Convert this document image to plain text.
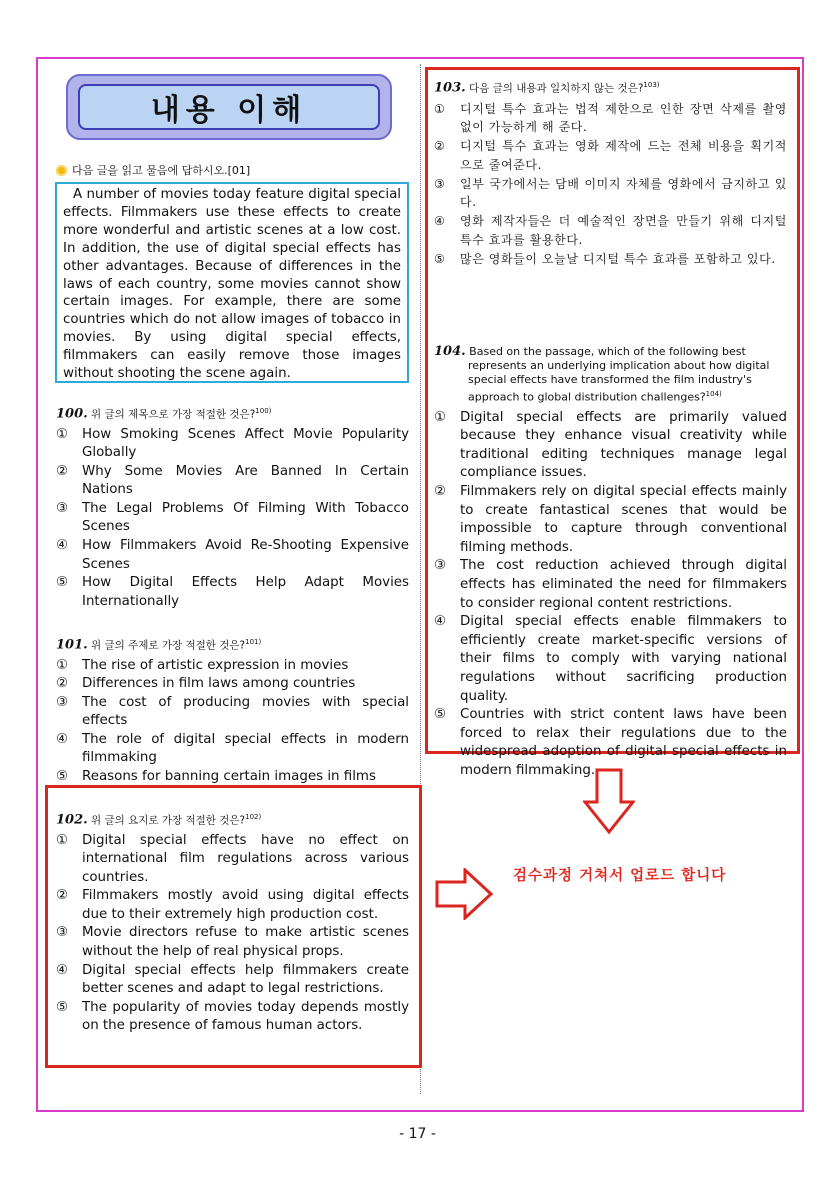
내용 이해
다음 글을 읽고 물음에 답하시오.[01]
A number of movies today feature digital special effects. Filmmakers use these effects to create more wonderful and artistic scenes at a low cost. In addition, the use of digital special effects has other advantages. Because of differences in the laws of each country, some movies cannot show certain images. For example, there are some countries which do not allow images of tobacco in movies. By using digital special effects, filmmakers can easily remove those images without shooting the scene again.
100. 위 글의 제목으로 가장 적절한 것은?$^{100)}$
①	How Smoking Scenes Affect Movie Popularity Globally
②	Why Some Movies Are Banned In Certain Nations
③	The Legal Problems Of Filming With Tobacco Scenes
④	How Filmmakers Avoid Re-Shooting Expensive Scenes
⑤	How Digital Effects Help Adapt Movies Internationally
101. 위 글의 주제로 가장 적절한 것은?$^{101)}$
①	The rise of artistic expression in movies
②	Differences in film laws among countries
③	The cost of producing movies with special effects
④	The role of digital special effects in modern filmmaking
⑤	Reasons for banning certain images in films
102. 위 글의 요지로 가장 적절한 것은?$^{102)}$
①	Digital special effects have no effect on international film regulations across various countries.
②	Filmmakers mostly avoid using digital effects due to their extremely high production cost.
③	Movie directors refuse to make artistic scenes without the help of real physical props.
④	Digital special effects help filmmakers create better scenes and adapt to legal restrictions.
⑤	The popularity of movies today depends mostly on the presence of famous human actors.
103. 다음 글의 내용과 일치하지 않는 것은?$^{103)}$
①	디지털 특수 효과는 법적 제한으로 인한 장면 삭제를 촬영 없이 가능하게 해 준다.
②	디지털 특수 효과는 영화 제작에 드는 전체 비용을 획기적으로 줄여준다.
③	일부 국가에서는 담배 이미지 자체를 영화에서 금지하고 있다.
④	영화 제작자들은 더 예술적인 장면을 만들기 위해 디지털 특수 효과를 활용한다.
⑤	많은 영화들이 오늘날 디지털 특수 효과를 포함하고 있다.
104. Based on the passage, which of the following best
represents an underlying implication about how digital special effects have transformed the film industry's approach to global distribution challenges?$^{104)}$
①	Digital special effects are primarily valued because they enhance visual creativity while traditional editing techniques manage legal compliance issues.
②	Filmmakers rely on digital special effects mainly to create fantastical scenes that would be impossible to capture through conventional filming methods.
③	The cost reduction achieved through digital effects has eliminated the need for filmmakers to consider regional content restrictions.
④	Digital special effects enable filmmakers to efficiently create market-specific versions of their films to comply with varying national regulations without sacrificing production quality.
⑤	Countries with strict content laws have been forced to relax their regulations due to the widespread adoption of digital special effects in modern filmmaking.
검수과정 거쳐서 업로드 합니다
- 17 -
